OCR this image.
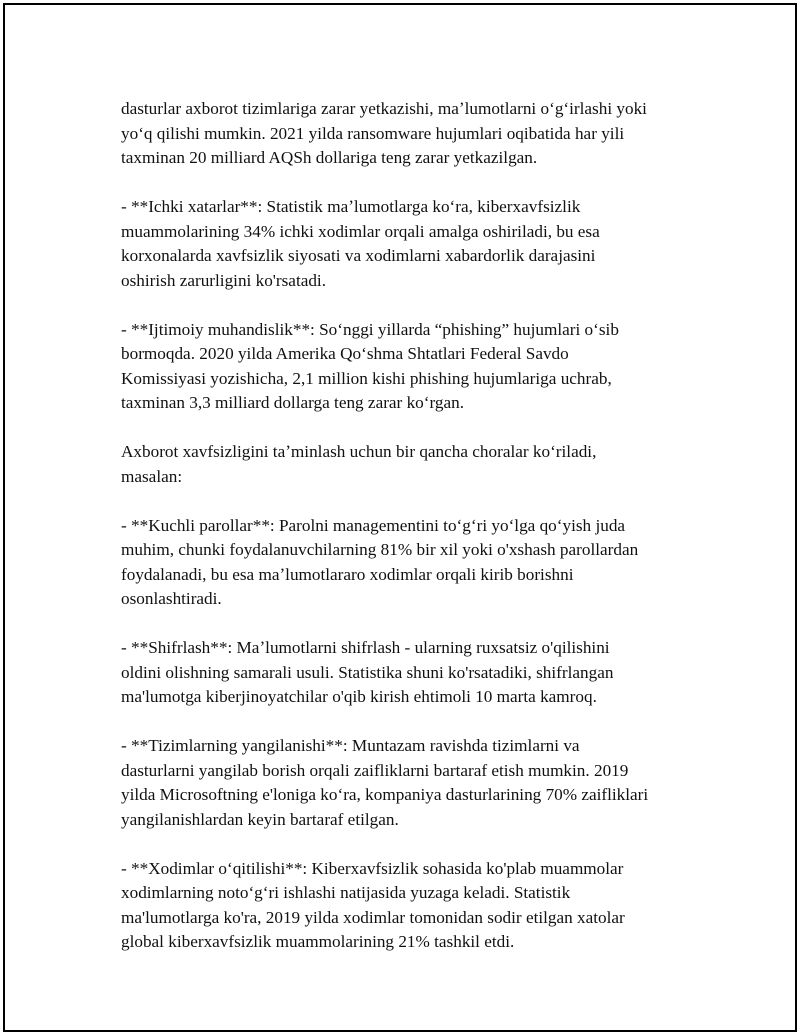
dasturlar axborot tizimlariga zarar yetkazishi, maʼlumotlarni oʻgʻirlashi yoki
yoʻq qilishi mumkin. 2021 yilda ransomware hujumlari oqibatida har yili
taxminan 20 milliard AQSh dollariga teng zarar yetkazilgan.

- **Ichki xatarlar**: Statistik maʼlumotlarga koʻra, kiberxavfsizlik
muammolarining 34% ichki xodimlar orqali amalga oshiriladi, bu esa
korxonalarda xavfsizlik siyosati va xodimlarni xabardorlik darajasini
oshirish zarurligini ko'rsatadi.

- **Ijtimoiy muhandislik**: Soʻnggi yillarda “phishing” hujumlari oʻsib
bormoqda. 2020 yilda Amerika Qoʻshma Shtatlari Federal Savdo
Komissiyasi yozishicha, 2,1 million kishi phishing hujumlariga uchrab,
taxminan 3,3 milliard dollarga teng zarar koʻrgan.

Axborot xavfsizligini taʼminlash uchun bir qancha choralar koʻriladi,
masalan:

- **Kuchli parollar**: Parolni managementini toʻgʻri yoʻlga qoʻyish juda
muhim, chunki foydalanuvchilarning 81% bir xil yoki o'xshash parollardan
foydalanadi, bu esa maʼlumotlararo xodimlar orqali kirib borishni
osonlashtiradi.

- **Shifrlash**: Maʼlumotlarni shifrlash - ularning ruxsatsiz o'qilishini
oldini olishning samarali usuli. Statistika shuni ko'rsatadiki, shifrlangan
ma'lumotga kiberjinoyatchilar o'qib kirish ehtimoli 10 marta kamroq.

- **Tizimlarning yangilanishi**: Muntazam ravishda tizimlarni va
dasturlarni yangilab borish orqali zaifliklarni bartaraf etish mumkin. 2019
yilda Microsoftning e'loniga koʻra, kompaniya dasturlarining 70% zaifliklari
yangilanishlardan keyin bartaraf etilgan.

- **Xodimlar oʻqitilishi**: Kiberxavfsizlik sohasida ko'plab muammolar
xodimlarning notoʻgʻri ishlashi natijasida yuzaga keladi. Statistik
ma'lumotlarga ko'ra, 2019 yilda xodimlar tomonidan sodir etilgan xatolar
global kiberxavfsizlik muammolarining 21% tashkil etdi.
